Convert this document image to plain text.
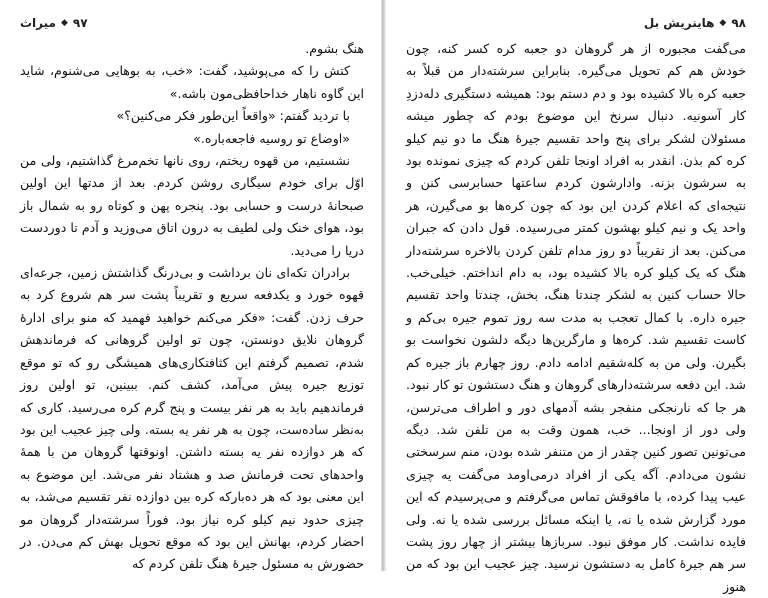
میراث ◆ ۹۷

هنگ بشوم.

کتش را که می‌پوشید، گفت: «خب، به بوهایی می‌شنوم، شاید این گاوه ناهار خداحافظی‌مون باشه.»

با تردید گفتم: «واقعاً این‌طور فکر می‌کنین؟»

«اوضاع تو روسیه فاجعه‌باره.»

نشستیم، من قهوه ریختم، روی نانها تخم‌مرغ گذاشتیم، ولی من اوّل برای خودم سیگاری روشن کردم. بعد از مدتها این اولین صبحانهٔ درست و حسابی بود. پنجره پهن و کوتاه رو به شمال باز بود، هوای خنک ولی لطیف به درون اتاق می‌وزید و آدم تا دوردست دریا را می‌دید.

برادران تکه‌ای نان برداشت و بی‌درنگ گذاشتش زمین، جرعه‌ای قهوه خورد و یکدفعه سریع و تقریباً پشت سر هم شروع کرد به حرف زدن. گفت: «فکر می‌کنم خواهید فهمید که منو برای ادارهٔ گروهان نلایق دونستن، چون تو اولین گروهانی که فرماندهش شدم، تصمیم گرفتم این کثافتکاری‌های همیشگی رو که تو موقع توزیع جیره پیش می‌آمد، کشف کنم. ببینین، تو اولین روز فرماندهیم باید به هر نفر بیست و پنج گرم کره می‌رسید. کاری که به‌نظر ساده‌ست، چون به هر نفر یه بسته. ولی چیز عجیب این بود که هر دوازده نفر یه بسته داشتن. اونوقتها گروهان من با همهٔ واحدهای تحت فرمانش صد و هشتاد نفر می‌شد. این موضوع به این معنی بود که هر دەبارکه کره بین دوازده نفر تقسیم می‌شد، به چیزی حدود نیم کیلو کره نیاز بود. فوراً سرشته‌دار گروهان مو احضار کردم، بهانش این بود که موقع تحویل بهش کم می‌دن. در حضورش به مسئول جیرهٔ هنگ تلفن کردم که

هاینریش بل ◆ ۹۸

می‌گفت مجبوره از هر گروهان دو جعبه کره کسر کنه، چون خودش هم کم تحویل می‌گیره. بنابراین سرشته‌دار من قبلاً به جعبه کره بالا کشیده بود و دم دستم بود: همیشه دستگیری دله‌دزدِ کار آسونیه. دنبال سرنخ این موضوع بودم که چطور میشه مسئولان لشکر برای پنج واحد تقسیم جیرهٔ هنگ ما دو نیم کیلو کره کم بذن. انقدر به افراد اونجا تلفن کردم که چیزی نمونده بود به سرشون بزنه. وادارشون کردم ساعتها حسابرسی کنن و نتیجه‌ای که اعلام کردن این بود که چون کره‌ها بو می‌گیرن، هر واحد یک و نیم کیلو بهشون کمتر می‌رسیده. قول دادن که جبران می‌کنن. بعد از تقریباً دو روز مدام تلفن کردن بالاخره سرشته‌دار هنگ که یک کیلو کره بالا کشیده بود، به دام انداختم. خیلی‌خب. حالا حساب کنین به لشکر چندتا هنگ، بخش، چندتا واحد تقسیم جیره داره. با کمال تعجب به مدت سه روز تموم جیره بی‌کم و کاست تقسیم شد. کره‌ها و مارگرین‌ها دیگه دلشون نخواست بو بگیرن. ولی من به کله‌شقیم ادامه دادم. روز چهارم باز جیره کم شد. این دفعه سرشته‌دارهای گروهان و هنگ دستشون تو کار نبود. هر جا که نارنجکی منفجر بشه آدمهای دور و اطراف می‌ترسن، ولی دور از اونجا... خب، همون وقت به من تلفن شد. دیگه می‌تونین تصور کنین چقدر از من متنفر شده بودن، منم سرسختی نشون می‌دادم. آگه یکی از افراد درمی‌اومد می‌گفت یه چیزی عیب پیدا کرده، با مافوقش تماس می‌گرفتم و می‌پرسیدم که این مورد گزارش شده یا نه، یا اینکه مسائل بررسی شده یا نه. ولی فایده نداشت. کار موفق نبود. سربازها بیشتر از چهار روز پشت سر هم جیرهٔ کامل به دستشون نرسید. چیز عجیب این بود که من هنوز
